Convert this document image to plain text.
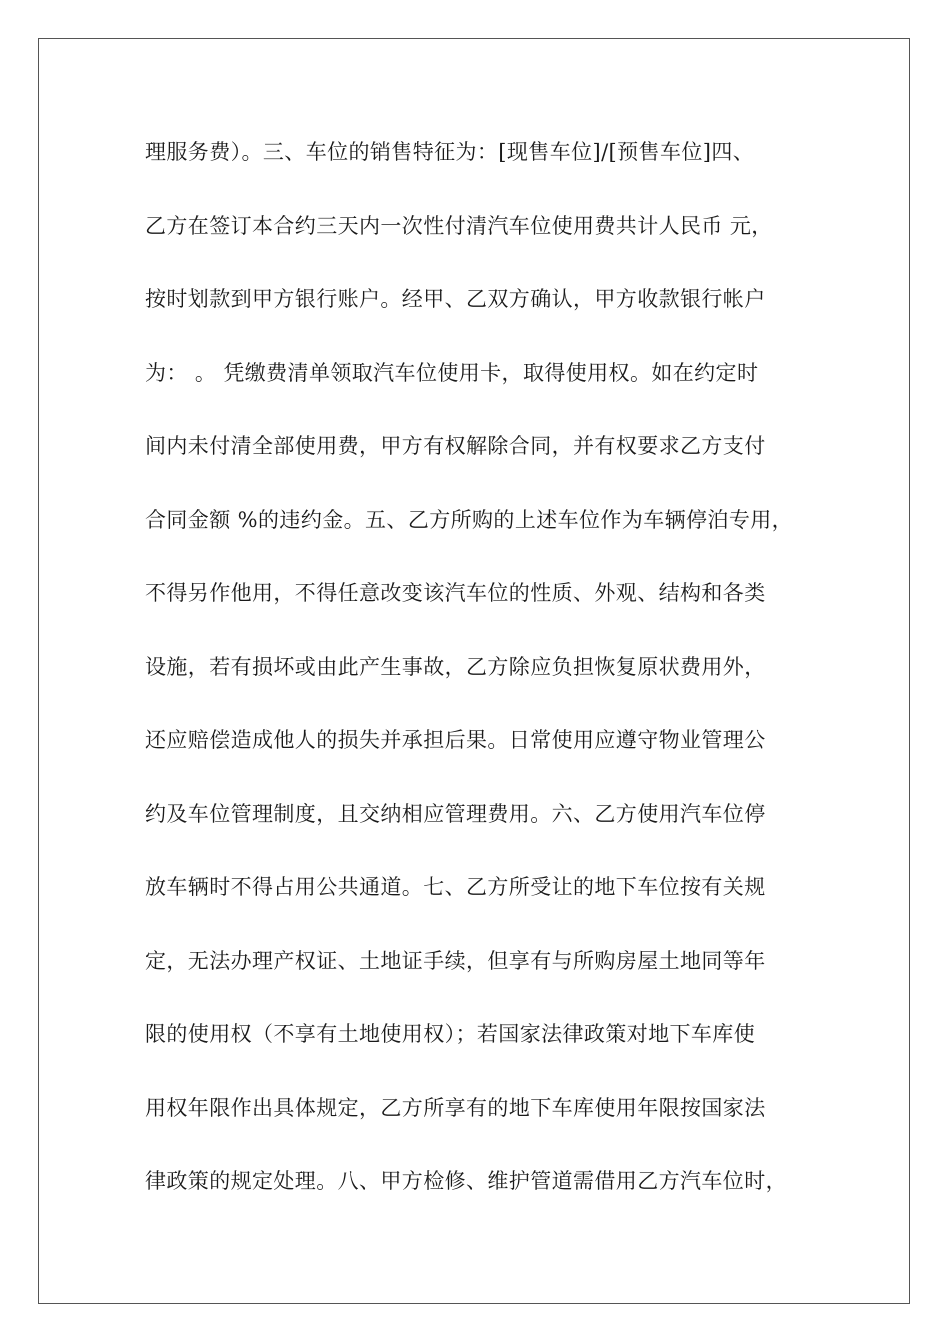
理服务费）。三、车位的销售特征为：[现售车位]/[预售车位]四、
乙方在签订本合约三天内一次性付清汽车位使用费共计人民币 元，
按时划款到甲方银行账户。经甲、乙双方确认，甲方收款银行帐户
为： 。 凭缴费清单领取汽车位使用卡，取得使用权。如在约定时
间内未付清全部使用费，甲方有权解除合同，并有权要求乙方支付
合同金额 %的违约金。五、乙方所购的上述车位作为车辆停泊专用，
不得另作他用，不得任意改变该汽车位的性质、外观、结构和各类
设施，若有损坏或由此产生事故，乙方除应负担恢复原状费用外，
还应赔偿造成他人的损失并承担后果。日常使用应遵守物业管理公
约及车位管理制度，且交纳相应管理费用。六、乙方使用汽车位停
放车辆时不得占用公共通道。七、乙方所受让的地下车位按有关规
定，无法办理产权证、土地证手续，但享有与所购房屋土地同等年
限的使用权（不享有土地使用权）；若国家法律政策对地下车库使
用权年限作出具体规定，乙方所享有的地下车库使用年限按国家法
律政策的规定处理。八、甲方检修、维护管道需借用乙方汽车位时，
